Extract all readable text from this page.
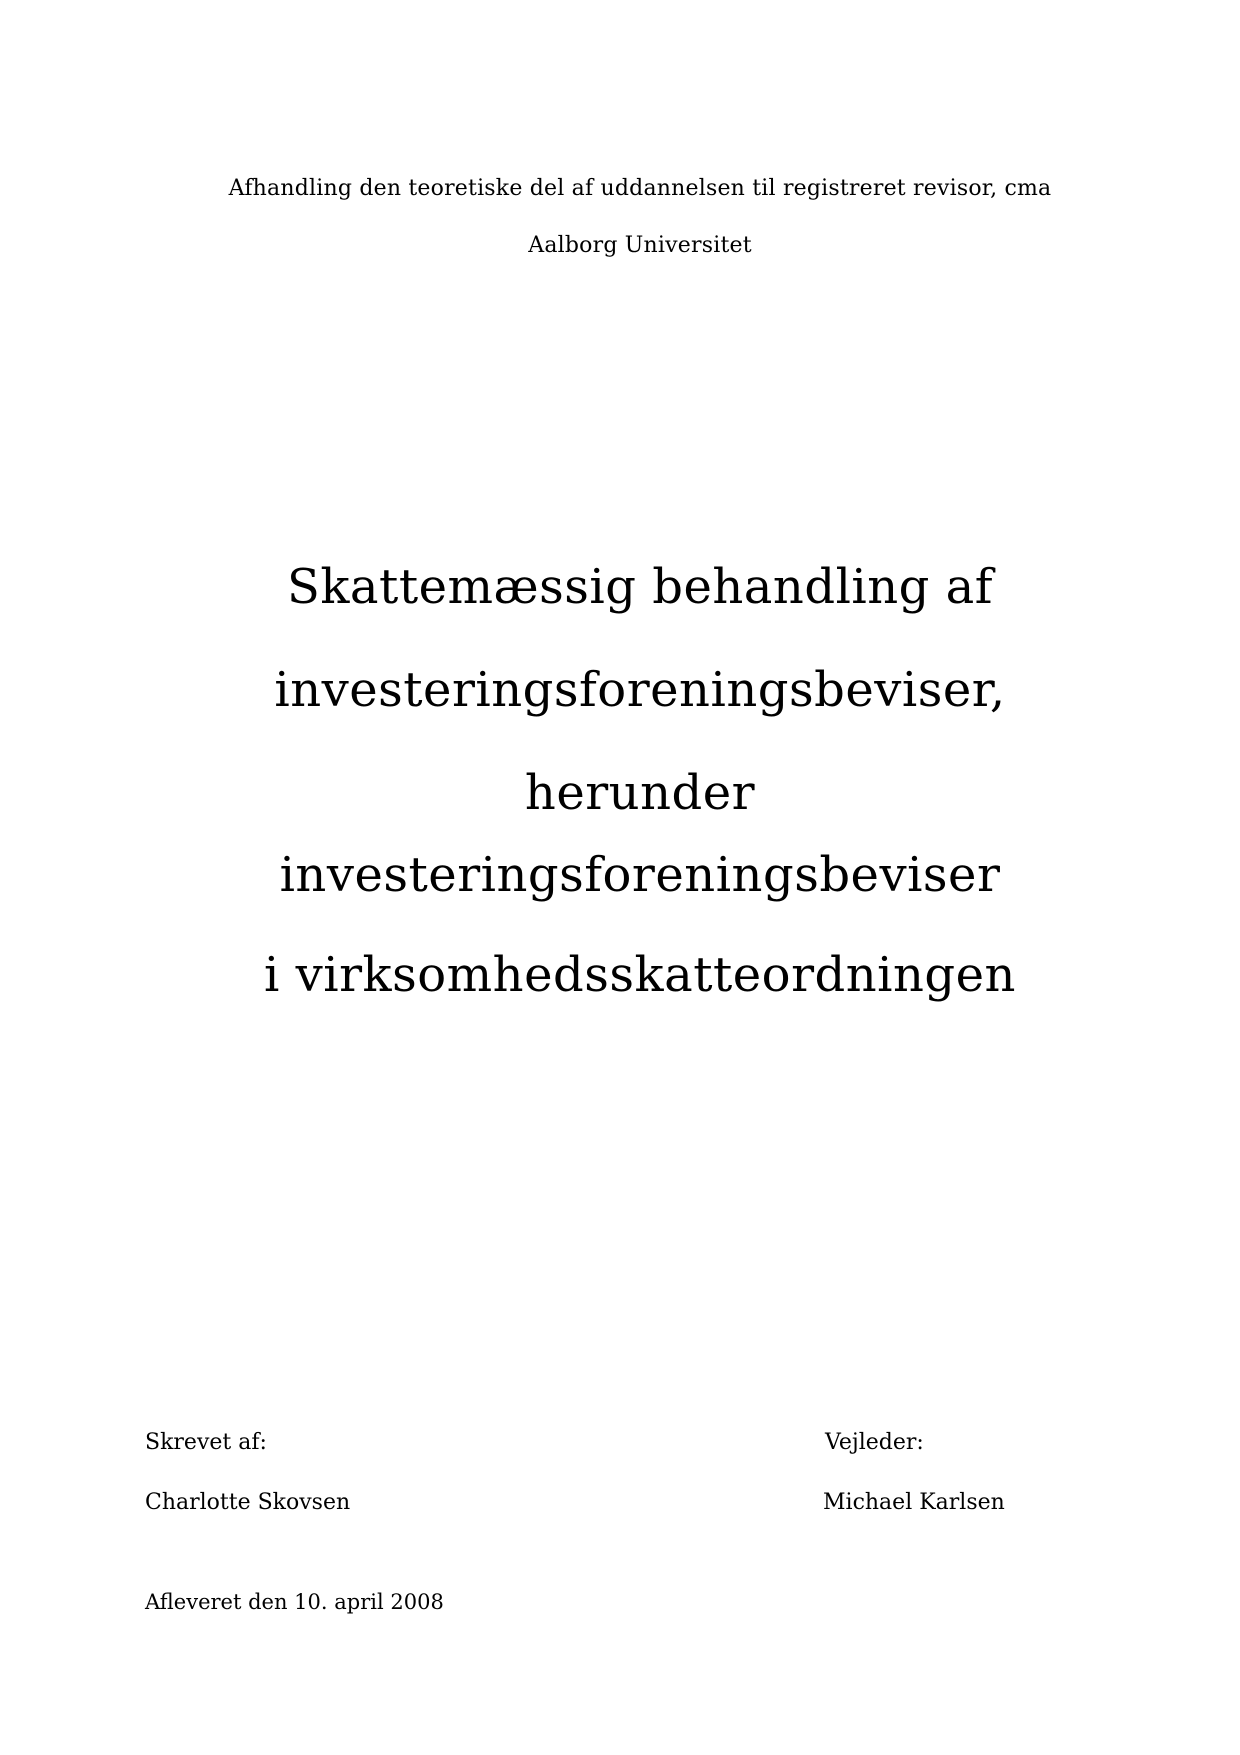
Afhandling den teoretiske del af uddannelsen til registreret revisor, cma
Aalborg Universitet
Skattemæssig behandling af
investeringsforeningsbeviser,
herunder
investeringsforeningsbeviser
i virksomhedsskatteordningen
Skrevet af:	Vejleder:
Charlotte Skovsen	Michael Karlsen
Afleveret den 10. april 2008
